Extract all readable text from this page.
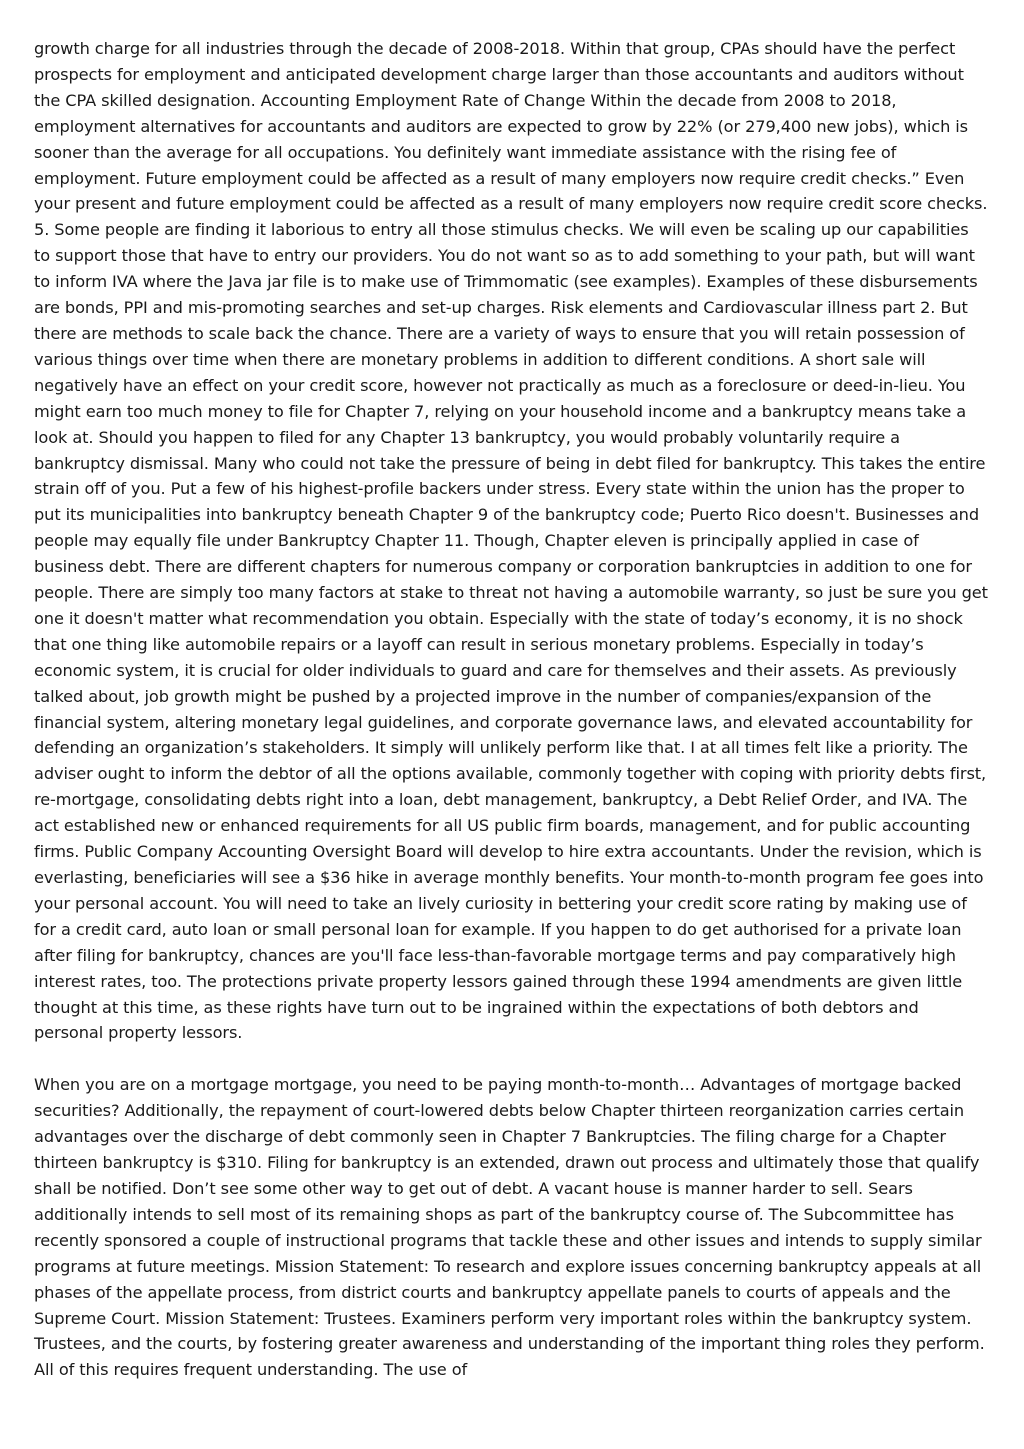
growth charge for all industries through the decade of 2008-2018. Within that group, CPAs should have the perfect prospects for employment and anticipated development charge larger than those accountants and auditors without the CPA skilled designation. Accounting Employment Rate of Change Within the decade from 2008 to 2018, employment alternatives for accountants and auditors are expected to grow by 22% (or 279,400 new jobs), which is sooner than the average for all occupations. You definitely want immediate assistance with the rising fee of employment. Future employment could be affected as a result of many employers now require credit checks.” Even your present and future employment could be affected as a result of many employers now require credit score checks. 5. Some people are finding it laborious to entry all those stimulus checks. We will even be scaling up our capabilities to support those that have to entry our providers. You do not want so as to add something to your path, but will want to inform IVA where the Java jar file is to make use of Trimmomatic (see examples). Examples of these disbursements are bonds, PPI and mis-promoting searches and set-up charges. Risk elements and Cardiovascular illness part 2. But there are methods to scale back the chance. There are a variety of ways to ensure that you will retain possession of various things over time when there are monetary problems in addition to different conditions. A short sale will negatively have an effect on your credit score, however not practically as much as a foreclosure or deed-in-lieu. You might earn too much money to file for Chapter 7, relying on your household income and a bankruptcy means take a look at. Should you happen to filed for any Chapter 13 bankruptcy, you would probably voluntarily require a bankruptcy dismissal. Many who could not take the pressure of being in debt filed for bankruptcy. This takes the entire strain off of you. Put a few of his highest-profile backers under stress. Every state within the union has the proper to put its municipalities into bankruptcy beneath Chapter 9 of the bankruptcy code; Puerto Rico doesn't. Businesses and people may equally file under Bankruptcy Chapter 11. Though, Chapter eleven is principally applied in case of business debt. There are different chapters for numerous company or corporation bankruptcies in addition to one for people. There are simply too many factors at stake to threat not having a automobile warranty, so just be sure you get one it doesn't matter what recommendation you obtain. Especially with the state of today’s economy, it is no shock that one thing like automobile repairs or a layoff can result in serious monetary problems. Especially in today’s economic system, it is crucial for older individuals to guard and care for themselves and their assets. As previously talked about, job growth might be pushed by a projected improve in the number of companies/expansion of the financial system, altering monetary legal guidelines, and corporate governance laws, and elevated accountability for defending an organization’s stakeholders. It simply will unlikely perform like that. I at all times felt like a priority. The adviser ought to inform the debtor of all the options available, commonly together with coping with priority debts first, re-mortgage, consolidating debts right into a loan, debt management, bankruptcy, a Debt Relief Order, and IVA. The act established new or enhanced requirements for all US public firm boards, management, and for public accounting firms. Public Company Accounting Oversight Board will develop to hire extra accountants. Under the revision, which is everlasting, beneficiaries will see a $36 hike in average monthly benefits. Your month-to-month program fee goes into your personal account. You will need to take an lively curiosity in bettering your credit score rating by making use of for a credit card, auto loan or small personal loan for example. If you happen to do get authorised for a private loan after filing for bankruptcy, chances are you'll face less-than-favorable mortgage terms and pay comparatively high interest rates, too. The protections private property lessors gained through these 1994 amendments are given little thought at this time, as these rights have turn out to be ingrained within the expectations of both debtors and personal property lessors.

When you are on a mortgage mortgage, you need to be paying month-to-month… Advantages of mortgage backed securities? Additionally, the repayment of court-lowered debts below Chapter thirteen reorganization carries certain advantages over the discharge of debt commonly seen in Chapter 7 Bankruptcies. The filing charge for a Chapter thirteen bankruptcy is $310. Filing for bankruptcy is an extended, drawn out process and ultimately those that qualify shall be notified. Don’t see some other way to get out of debt. A vacant house is manner harder to sell. Sears additionally intends to sell most of its remaining shops as part of the bankruptcy course of. The Subcommittee has recently sponsored a couple of instructional programs that tackle these and other issues and intends to supply similar programs at future meetings. Mission Statement: To research and explore issues concerning bankruptcy appeals at all phases of the appellate process, from district courts and bankruptcy appellate panels to courts of appeals and the Supreme Court. Mission Statement: Trustees. Examiners perform very important roles within the bankruptcy system. Trustees, and the courts, by fostering greater awareness and understanding of the important thing roles they perform. All of this requires frequent understanding. The use of
